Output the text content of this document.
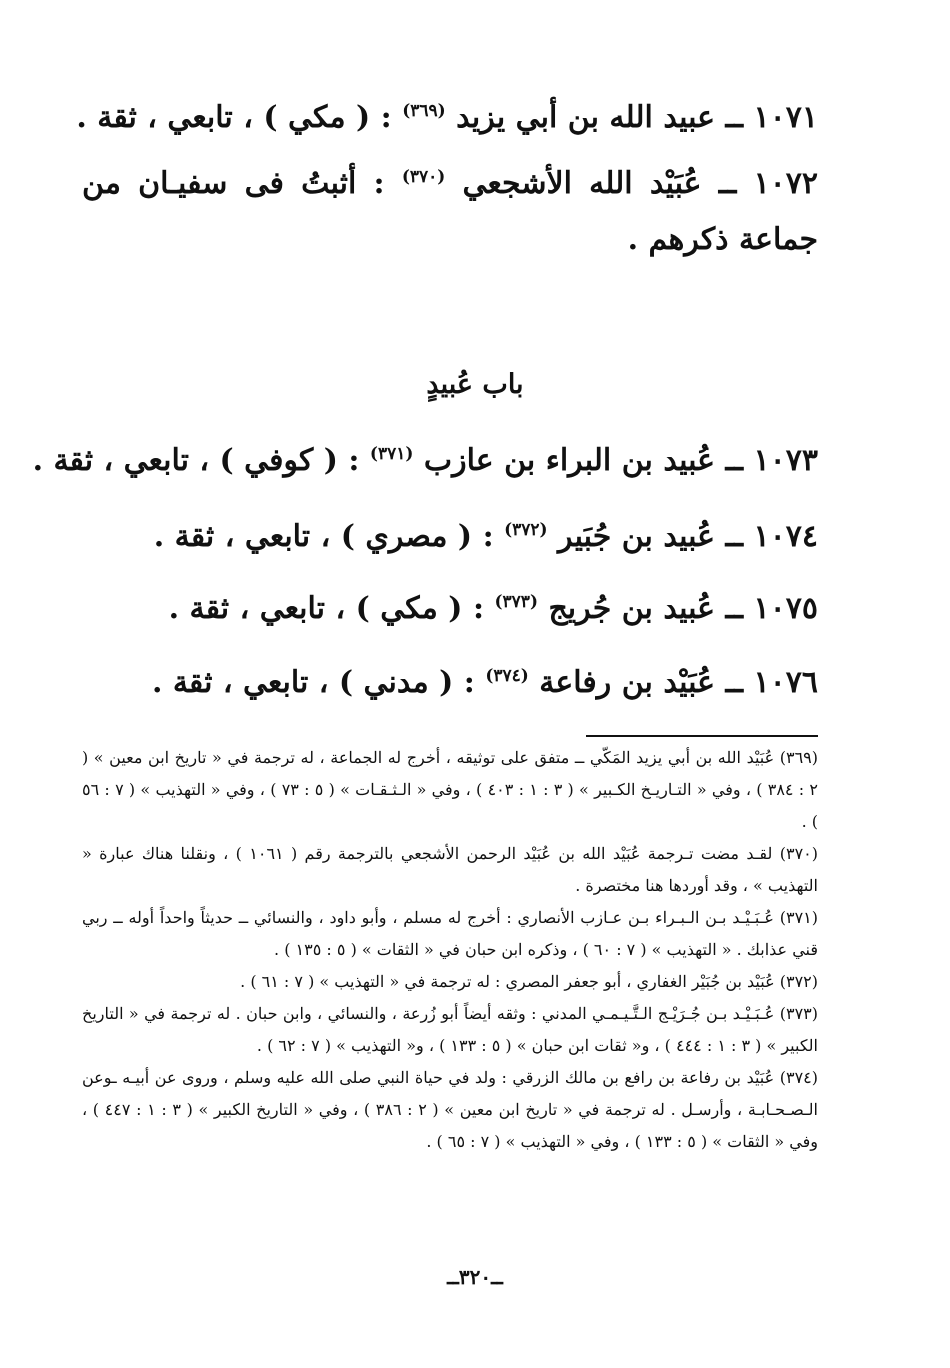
١٠٧١ ــ عبيد الله بن أبي يزيد $^{(٣٦٩)}$ : ( مكي ) ، تابعي ، ثقة .
١٠٧٢ ــ عُبَيْد الله الأشجعي $^{(٣٧٠)}$ : أثبتُ فى سفيـان من جماعة ذكرهم .
باب عُبيدٍ
١٠٧٣ ــ عُبيد بن البراء بن عازب $^{(٣٧١)}$ : ( كوفي ) ، تابعي ، ثقة .
١٠٧٤ ــ عُبيد بن جُبَير $^{(٣٧٢)}$ : ( مصري ) ، تابعي ، ثقة .
١٠٧٥ ــ عُبيد بن جُريج $^{(٣٧٣)}$ : ( مكي ) ، تابعي ، ثقة .
١٠٧٦ ــ عُبَيْد بن رفاعة $^{(٣٧٤)}$ : ( مدني ) ، تابعي ، ثقة .

(٣٦٩) عُبَيْد الله بن أبي يزيد المَكّي ــ متفق على توثيقه ، أخرج له الجماعة ، له ترجمة في « تاريخ ابن معين » ( ٢ : ٣٨٤ ) ، وفي « التـاريـخ الكـبير » ( ٣ : ١ : ٤٠٣ ) ، وفي « الـثـقـات » ( ٥ : ٧٣ ) ، وفي « التهذيب » ( ٧ : ٥٦ ) .

(٣٧٠) لقـد مضت تـرجمة عُبَيْد الله بن عُبَيْد الرحمن الأشجعي بالترجمة رقم ( ١٠٦١ ) ، ونقلنا هناك عبارة « التهذيب » ، وقد أوردها هنا مختصرة .

(٣٧١) عُـبَـيْـد بـن الـبـراء بـن عـازب الأنصاري : أخرج له مسلم ، وأبو داود ، والنسائي ــ حديثاً واحداً أوله ــ ربي قني عذابك . « التهذيب » ( ٧ : ٦٠ ) ، وذكره ابن حبان في « الثقات » ( ٥ : ١٣٥ ) .

(٣٧٢) عُبَيْد بن جُبَيْر الغفاري ، أبو جعفر المصري : له ترجمة في « التهذيب » ( ٧ : ٦١ ) .

(٣٧٣) عُـبَـيْـد بـن جُـرَيْـج الـتَّـيـمـي المدني : وثقه أيضاً أبو زُرعة ، والنسائي ، وابن حبان . له ترجمة في « التاريخ الكبير » ( ٣ : ١ : ٤٤٤ ) ، و« ثقات ابن حبان » ( ٥ : ١٣٣ ) ، و« التهذيب » ( ٧ : ٦٢ ) .

(٣٧٤) عُبَيْد بن رفاعة بن رافع بن مالك الزرقي : ولد في حياة النبي صلى الله عليه وسلم ، وروى عن أبيـه ـوعن الـصـحـابـة ، وأرسـل . له ترجمة في « تاريخ ابن معين » ( ٢ : ٣٨٦ ) ، وفي « التاريخ الكبير » ( ٣ : ١ : ٤٤٧ ) ، وفي « الثقات » ( ٥ : ١٣٣ ) ، وفي « التهذيب » ( ٧ : ٦٥ ) .

ــ٣٢٠ــ
